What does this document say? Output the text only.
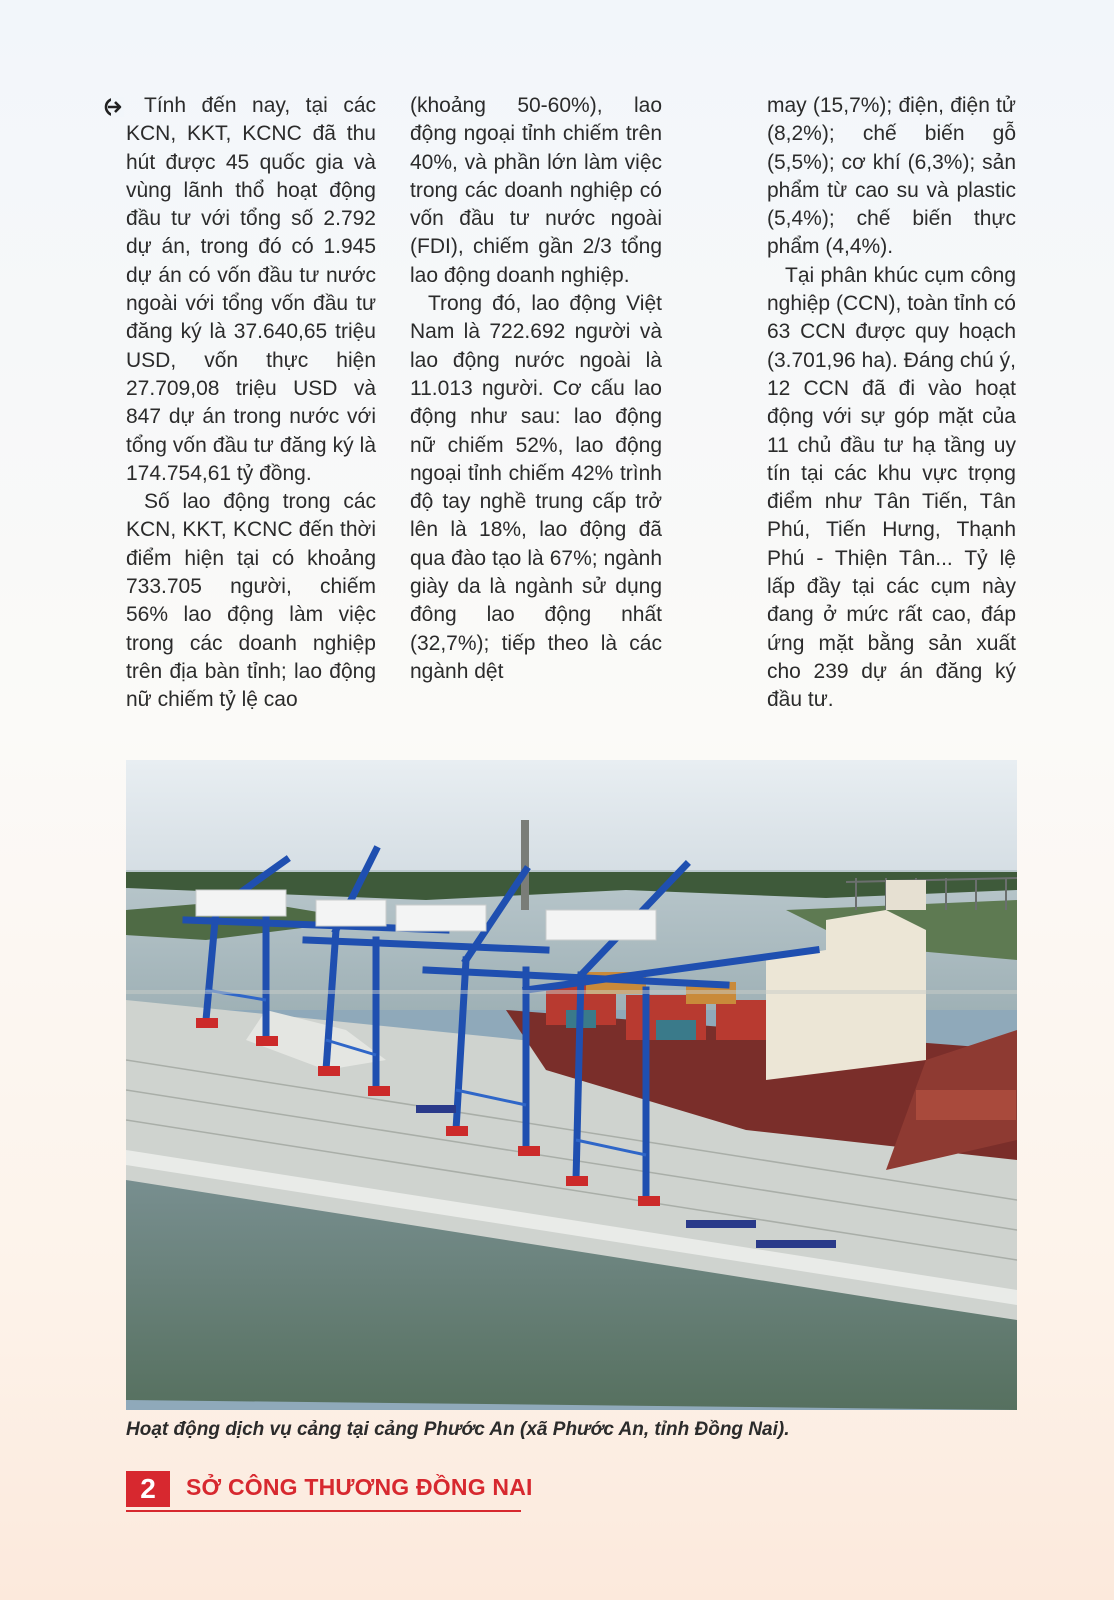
Tính đến nay, tại các KCN, KKT, KCNC đã thu hút được 45 quốc gia và vùng lãnh thổ hoạt động đầu tư với tổng số 2.792 dự án, trong đó có 1.945 dự án có vốn đầu tư nước ngoài với tổng vốn đầu tư đăng ký là 37.640,65 triệu USD, vốn thực hiện 27.709,08 triệu USD và 847 dự án trong nước với tổng vốn đầu tư đăng ký là 174.754,61 tỷ đồng.

Số lao động trong các KCN, KKT, KCNC đến thời điểm hiện tại có khoảng 733.705 người, chiếm 56% lao động làm việc trong các doanh nghiệp trên địa bàn tỉnh; lao động nữ chiếm tỷ lệ cao

(khoảng 50-60%), lao động ngoại tỉnh chiếm trên 40%, và phần lớn làm việc trong các doanh nghiệp có vốn đầu tư nước ngoài (FDI), chiếm gần 2/3 tổng lao động doanh nghiệp.

Trong đó, lao động Việt Nam là 722.692 người và lao động nước ngoài là 11.013 người. Cơ cấu lao động như sau: lao động nữ chiếm 52%, lao động ngoại tỉnh chiếm 42% trình độ tay nghề trung cấp trở lên là 18%, lao động đã qua đào tạo là 67%; ngành giày da là ngành sử dụng đông lao động nhất (32,7%); tiếp theo là các ngành dệt

may (15,7%); điện, điện tử (8,2%); chế biến gỗ (5,5%); cơ khí (6,3%); sản phẩm từ cao su và plastic (5,4%); chế biến thực phẩm (4,4%).

Tại phân khúc cụm công nghiệp (CCN), toàn tỉnh có 63 CCN được quy hoạch (3.701,96 ha). Đáng chú ý, 12 CCN đã đi vào hoạt động với sự góp mặt của 11 chủ đầu tư hạ tầng uy tín tại các khu vực trọng điểm như Tân Tiến, Tân Phú, Tiến Hưng, Thạnh Phú - Thiện Tân... Tỷ lệ lấp đầy tại các cụm này đang ở mức rất cao, đáp ứng mặt bằng sản xuất cho 239 dự án đăng ký đầu tư.

Hoạt động dịch vụ cảng tại cảng Phước An (xã Phước An, tỉnh Đồng Nai).
2	SỞ CÔNG THƯƠNG ĐỒNG NAI
